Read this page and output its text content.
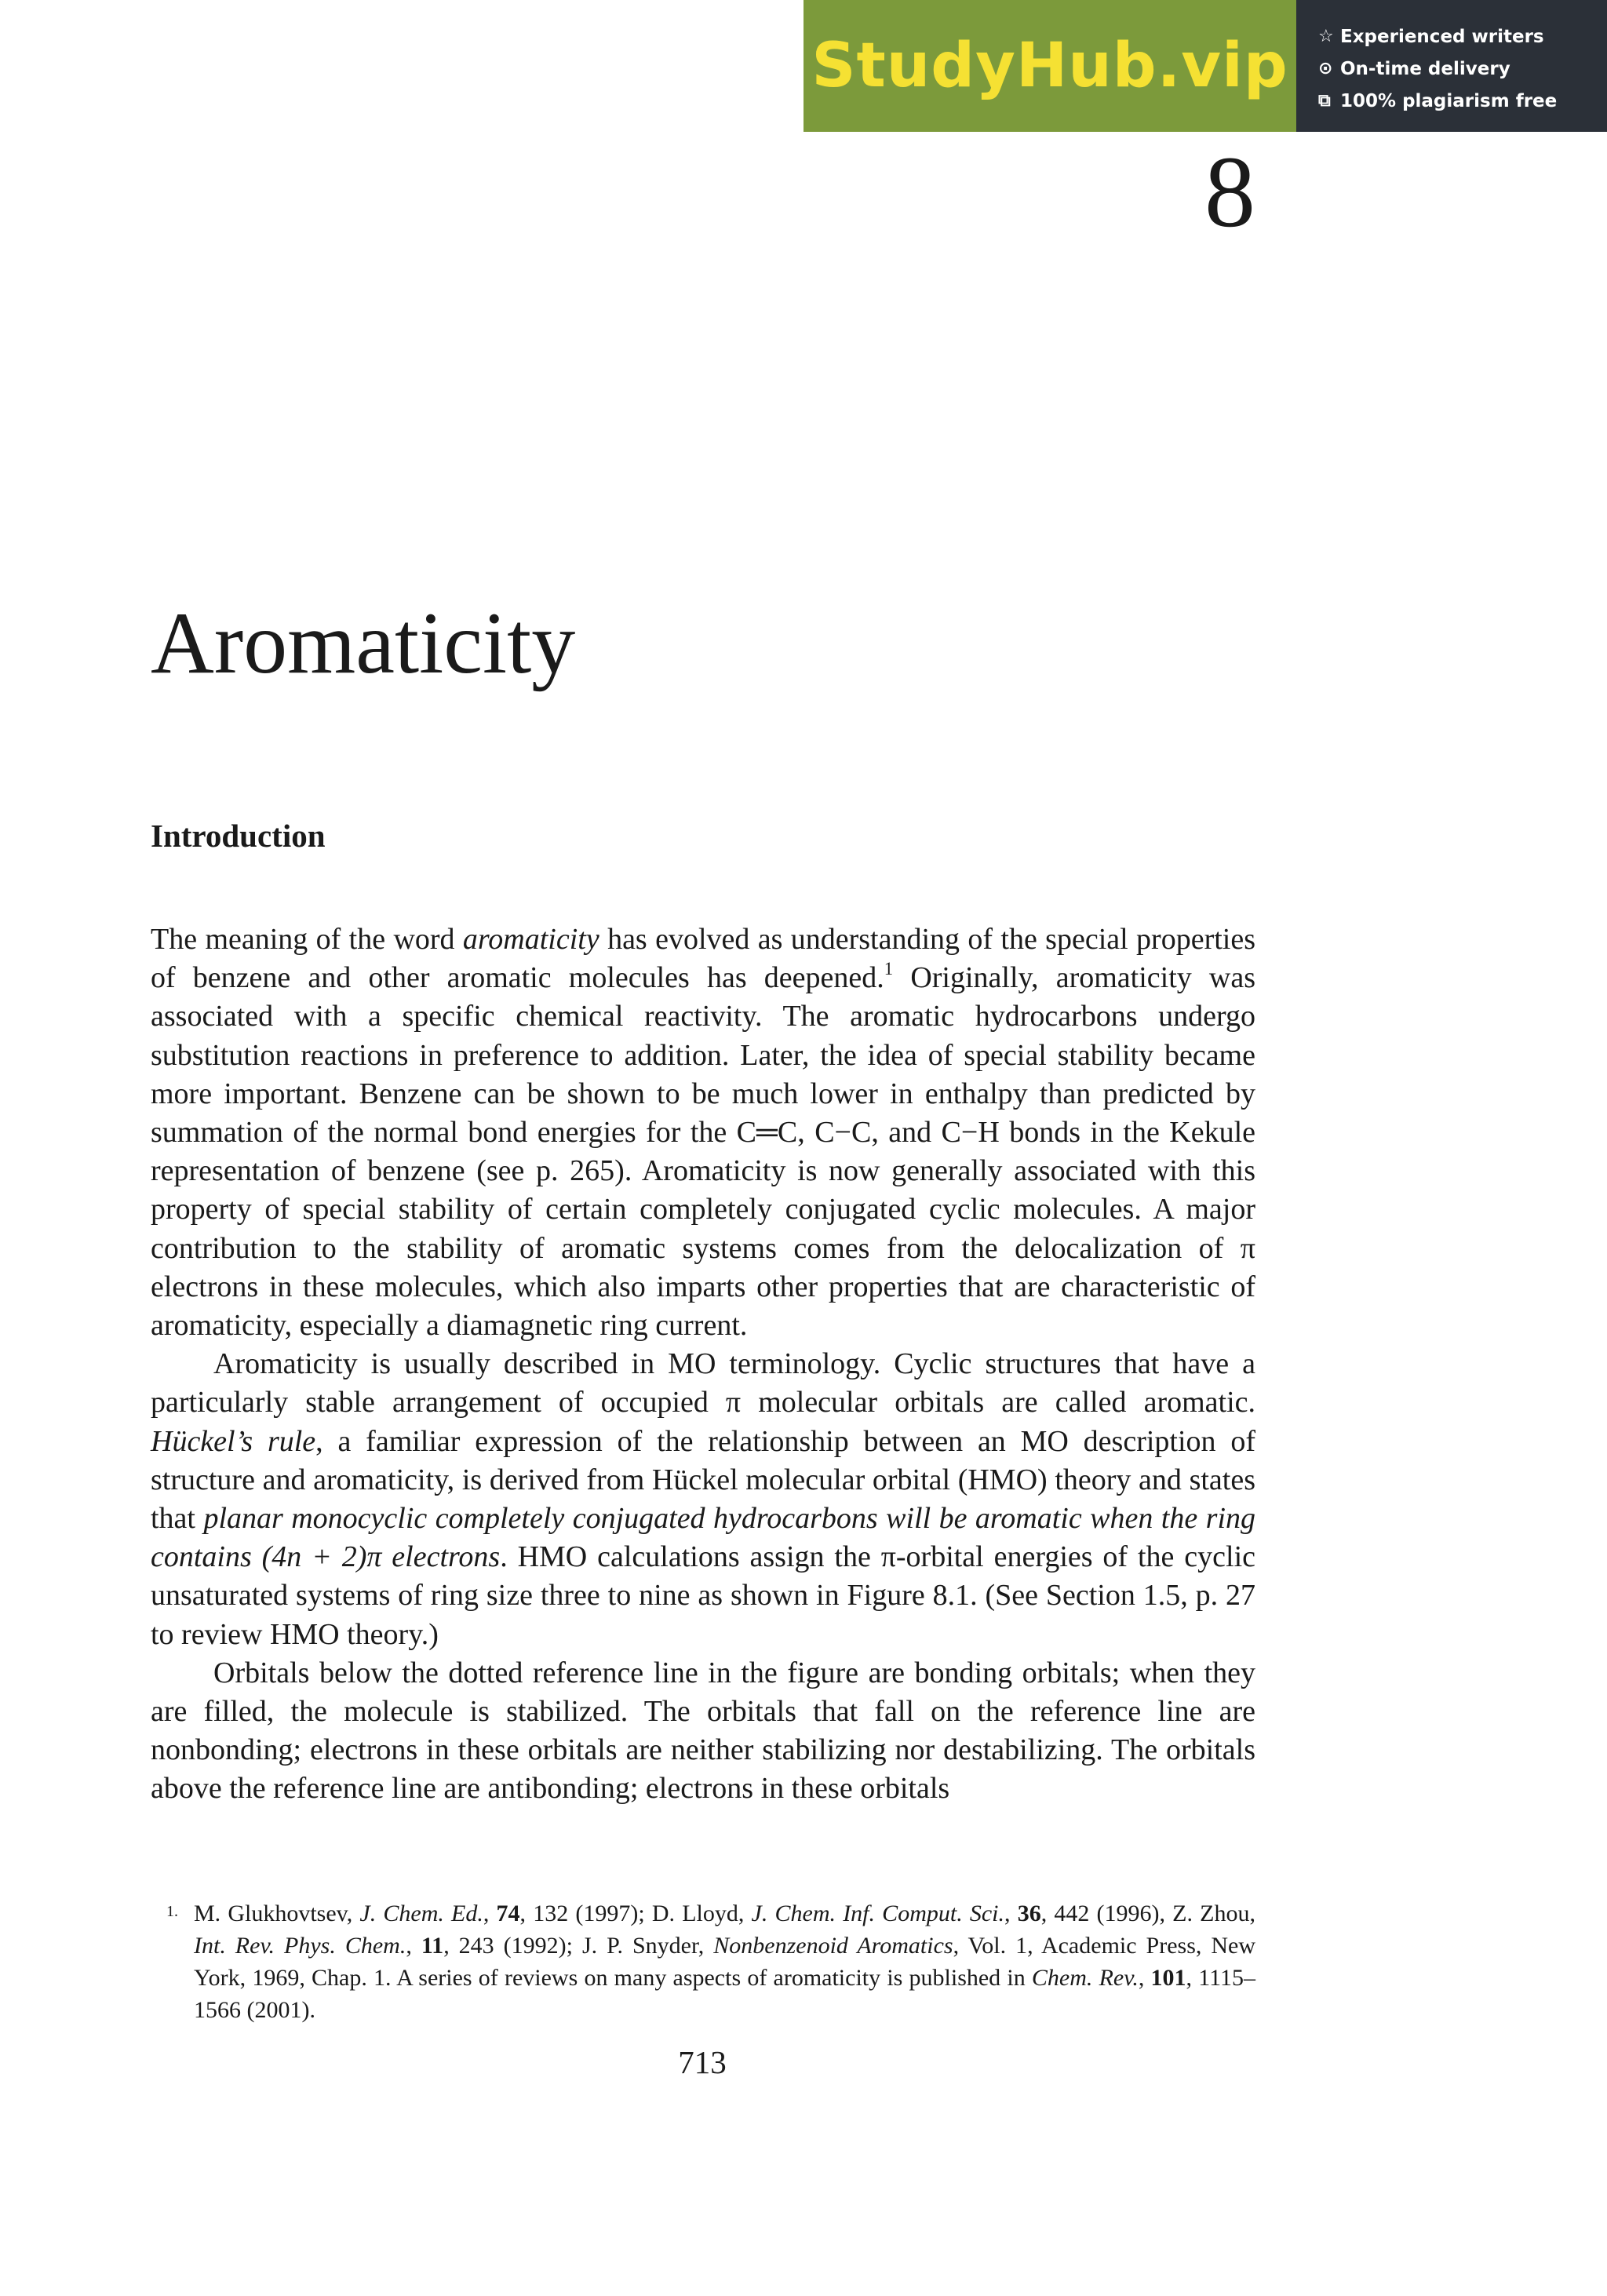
StudyHub.vip	☆ Experienced writers
⊙ On-time delivery
⧉ 100% plagiarism free
8
Aromaticity
Introduction

The meaning of the word aromaticity has evolved as understanding of the special properties of benzene and other aromatic molecules has deepened.$^1$ Originally, aromaticity was associated with a specific chemical reactivity. The aromatic hydrocarbons undergo substitution reactions in preference to addition. Later, the idea of special stability became more important. Benzene can be shown to be much lower in enthalpy than predicted by summation of the normal bond energies for the C═C, C−C, and C−H bonds in the Kekule representation of benzene (see p. 265). Aromaticity is now generally associated with this property of special stability of certain completely conjugated cyclic molecules. A major contribution to the stability of aromatic systems comes from the delocalization of π electrons in these molecules, which also imparts other properties that are characteristic of aromaticity, especially a diamagnetic ring current.

Aromaticity is usually described in MO terminology. Cyclic structures that have a particularly stable arrangement of occupied π molecular orbitals are called aromatic. Hückel’s rule, a familiar expression of the relationship between an MO description of structure and aromaticity, is derived from Hückel molecular orbital (HMO) theory and states that planar monocyclic completely conjugated hydrocarbons will be aromatic when the ring contains (4n + 2)π electrons. HMO calculations assign the π-orbital energies of the cyclic unsaturated systems of ring size three to nine as shown in Figure 8.1. (See Section 1.5, p. 27 to review HMO theory.)

Orbitals below the dotted reference line in the figure are bonding orbitals; when they are filled, the molecule is stabilized. The orbitals that fall on the reference line are nonbonding; electrons in these orbitals are neither stabilizing nor destabilizing. The orbitals above the reference line are antibonding; electrons in these orbitals

1. M. Glukhovtsev, J. Chem. Ed., 74, 132 (1997); D. Lloyd, J. Chem. Inf. Comput. Sci., 36, 442 (1996), Z. Zhou, Int. Rev. Phys. Chem., 11, 243 (1992); J. P. Snyder, Nonbenzenoid Aromatics, Vol. 1, Academic Press, New York, 1969, Chap. 1. A series of reviews on many aspects of aromaticity is published in Chem. Rev., 101, 1115–1566 (2001).
713
